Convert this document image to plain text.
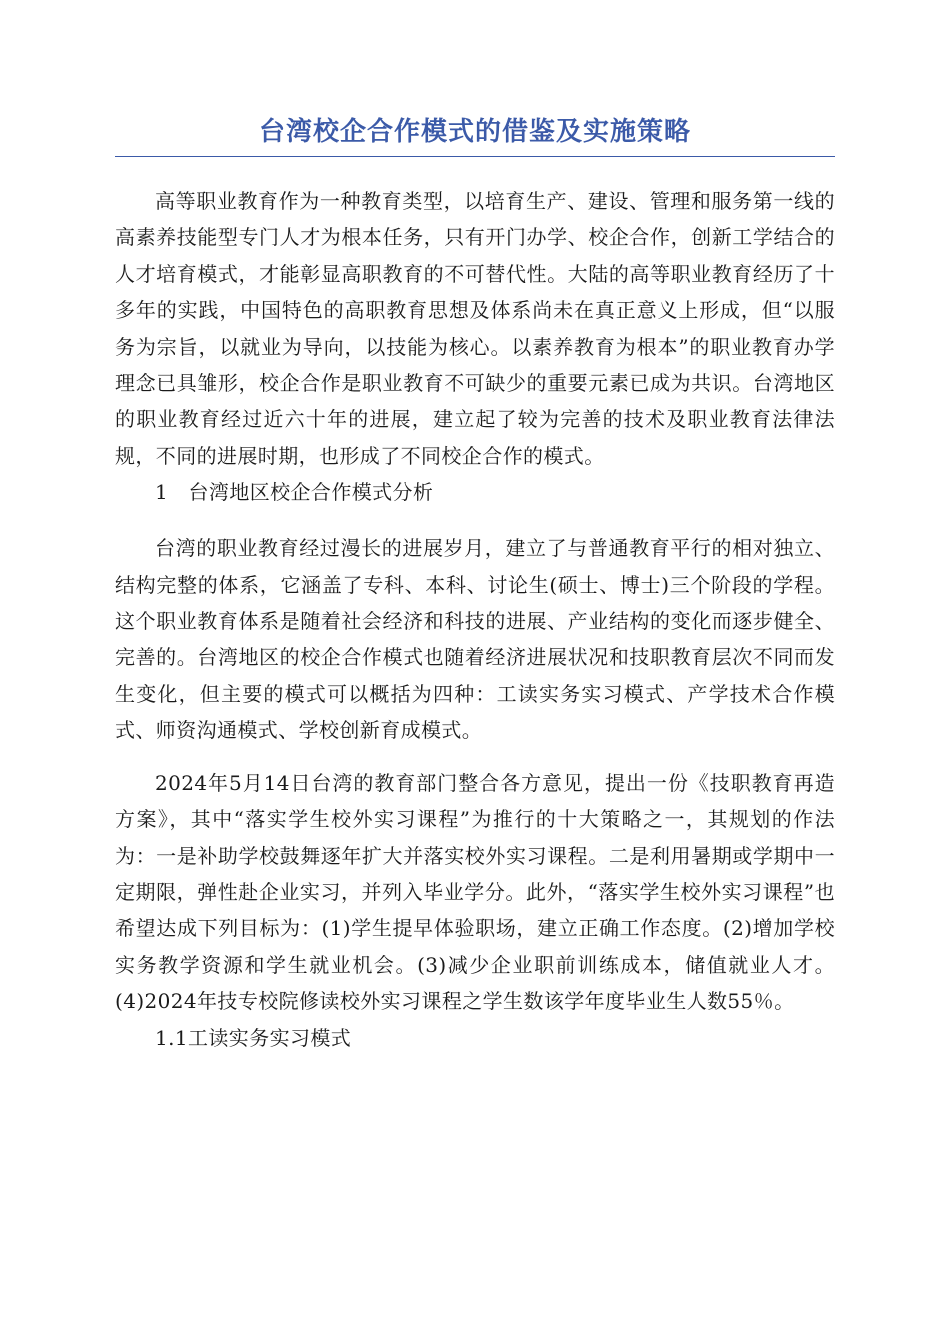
台湾校企合作模式的借鉴及实施策略

高等职业教育作为一种教育类型，以培育生产、建设、管理和服务第一线的高素养技能型专门人才为根本任务，只有开门办学、校企合作，创新工学结合的人才培育模式，才能彰显高职教育的不可替代性。大陆的高等职业教育经历了十多年的实践，中国特色的高职教育思想及体系尚未在真正意义上形成，但“以服务为宗旨，以就业为导向，以技能为核心。以素养教育为根本”的职业教育办学理念已具雏形，校企合作是职业教育不可缺少的重要元素已成为共识。台湾地区的职业教育经过近六十年的进展，建立起了较为完善的技术及职业教育法律法规，不同的进展时期，也形成了不同校企合作的模式。

1　台湾地区校企合作模式分析

台湾的职业教育经过漫长的进展岁月，建立了与普通教育平行的相对独立、结构完整的体系，它涵盖了专科、本科、讨论生(硕士、博士)三个阶段的学程。这个职业教育体系是随着社会经济和科技的进展、产业结构的变化而逐步健全、完善的。台湾地区的校企合作模式也随着经济进展状况和技职教育层次不同而发生变化，但主要的模式可以概括为四种：工读实务实习模式、产学技术合作模式、师资沟通模式、学校创新育成模式。

2024年5月14日台湾的教育部门整合各方意见，提出一份《技职教育再造方案》，其中“落实学生校外实习课程”为推行的十大策略之一，其规划的作法为：一是补助学校鼓舞逐年扩大并落实校外实习课程。二是利用暑期或学期中一定期限，弹性赴企业实习，并列入毕业学分。此外，“落实学生校外实习课程”也希望达成下列目标为：(1)学生提早体验职场，建立正确工作态度。(2)增加学校实务教学资源和学生就业机会。(3)减少企业职前训练成本，储值就业人才。(4)2024年技专校院修读校外实习课程之学生数该学年度毕业生人数55％。

1.1工读实务实习模式
